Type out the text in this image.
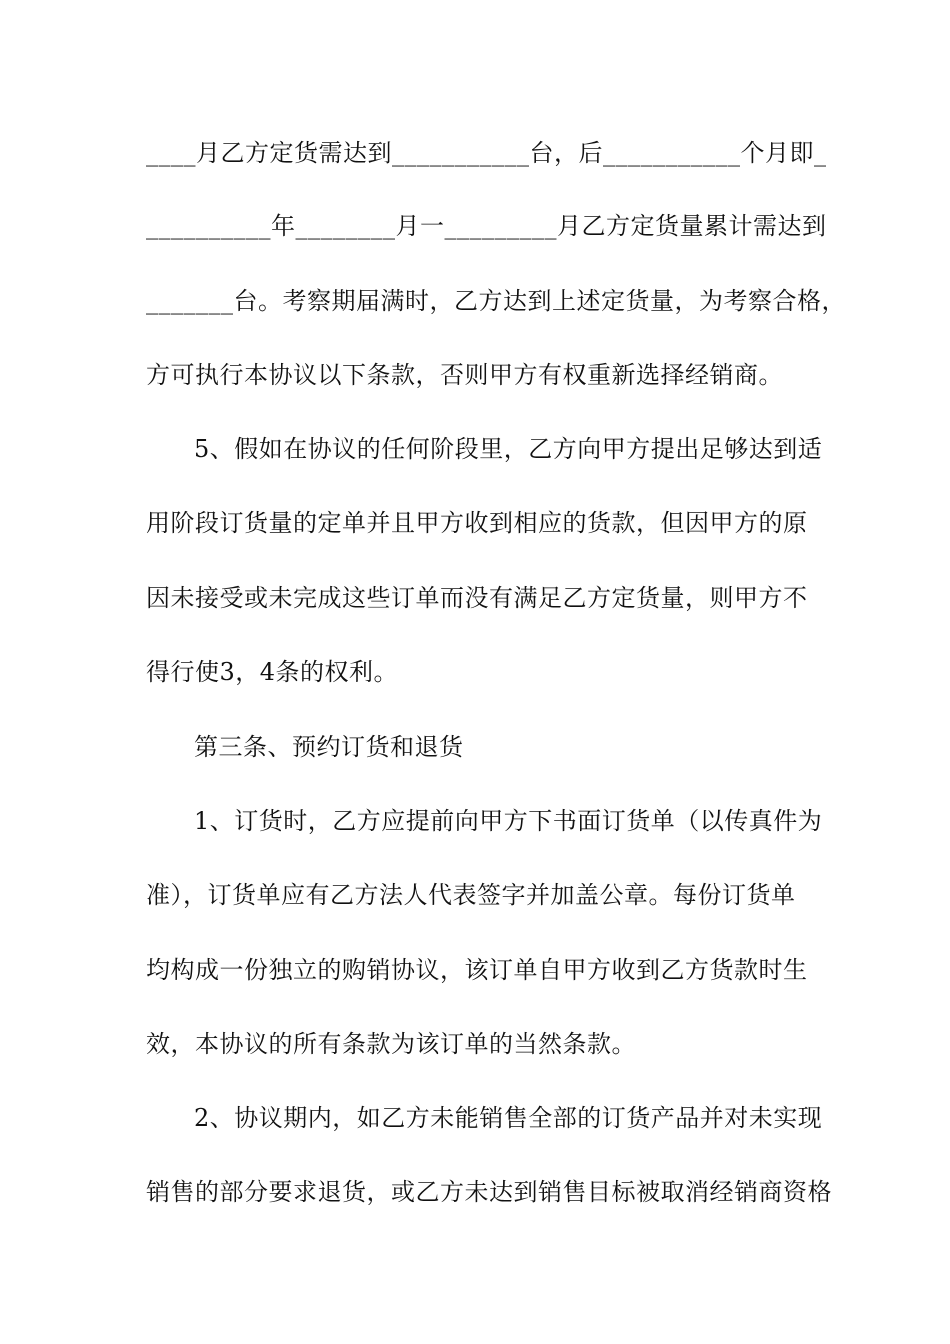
____月乙方定货需达到___________台，后___________个月即_
__________年________月一_________月乙方定货量累计需达到
_______台。考察期届满时，乙方达到上述定货量，为考察合格，
方可执行本协议以下条款，否则甲方有权重新选择经销商。
5、假如在协议的任何阶段里，乙方向甲方提出足够达到适
用阶段订货量的定单并且甲方收到相应的货款，但因甲方的原
因未接受或未完成这些订单而没有满足乙方定货量，则甲方不
得行使3，4条的权利。
第三条、预约订货和退货
1、订货时，乙方应提前向甲方下书面订货单（以传真件为
准），订货单应有乙方法人代表签字并加盖公章。每份订货单
均构成一份独立的购销协议，该订单自甲方收到乙方货款时生
效，本协议的所有条款为该订单的当然条款。
2、协议期内，如乙方未能销售全部的订货产品并对未实现
销售的部分要求退货，或乙方未达到销售目标被取消经销商资格
